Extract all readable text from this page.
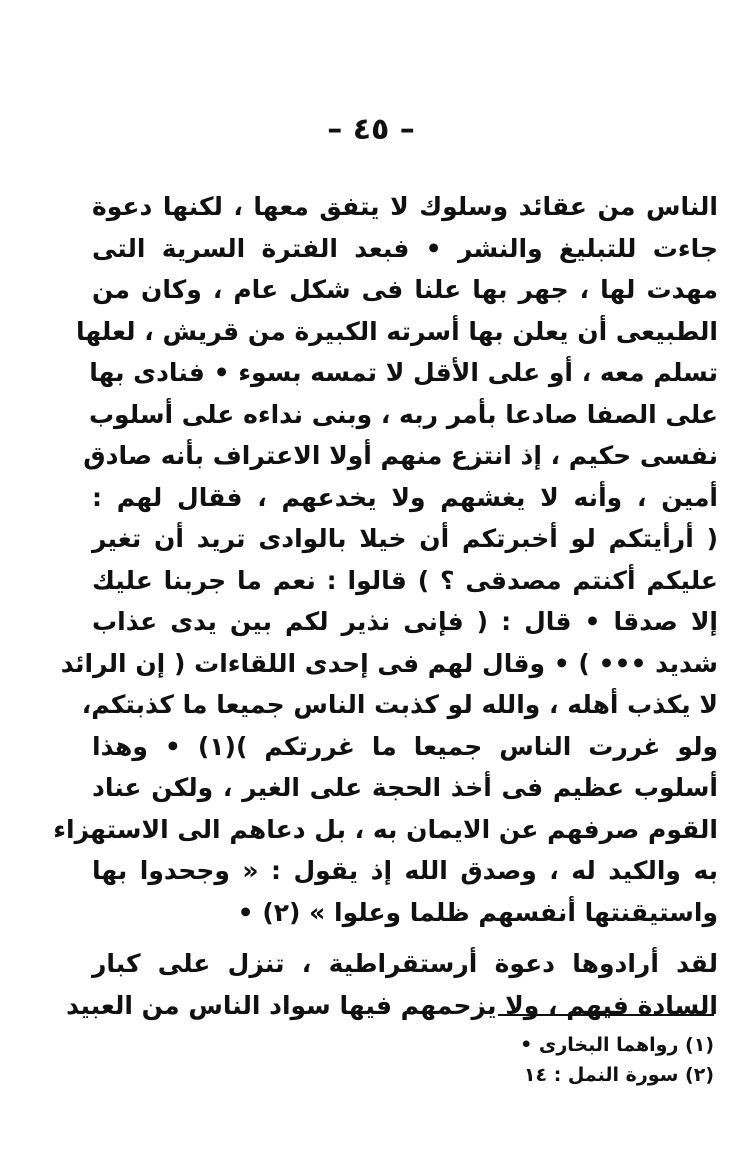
– ٤٥ –
الناس من عقائد وسلوك لا يتفق معها ، لكنها دعوة
جاءت للتبليغ والنشر • فبعد الفترة السرية التى
مهدت لها ، جهر بها علنا فى شكل عام ، وكان من
الطبيعى أن يعلن بها أسرته الكبيرة من قريش ، لعلها
تسلم معه ، أو على الأقل لا تمسه بسوء • فنادى بها
على الصفا صادعا بأمر ربه ، وبنى نداءه على أسلوب
نفسى حكيم ، إذ انتزع منهم أولا الاعتراف بأنه صادق
أمين ، وأنه لا يغشهم ولا يخدعهم ، فقال لهم :
( أرأيتكم لو أخبرتكم أن خيلا بالوادى تريد أن تغير
عليكم أكنتم مصدقى ؟ ) قالوا : نعم ما جربنا عليك
إلا صدقا • قال : ( فإنى نذير لكم بين يدى عذاب
شديد ••• ) • وقال لهم فى إحدى اللقاءات ( إن الرائد
لا يكذب أهله ، والله لو كذبت الناس جميعا ما كذبتكم،
ولو غررت الناس جميعا ما غررتكم )(١) • وهذا
أسلوب عظيم فى أخذ الحجة على الغير ، ولكن عناد
القوم صرفهم عن الايمان به ، بل دعاهم الى الاستهزاء
به والكيد له ، وصدق الله إذ يقول : « وجحدوا بها
واستيقنتها أنفسهم ظلما وعلوا » (٢) •
لقد أرادوها دعوة أرستقراطية ، تنزل على كبار
السادة فيهم ، ولا يزحمهم فيها سواد الناس من العبيد
(١) رواهما البخارى •
(٢) سورة النمل : ١٤
